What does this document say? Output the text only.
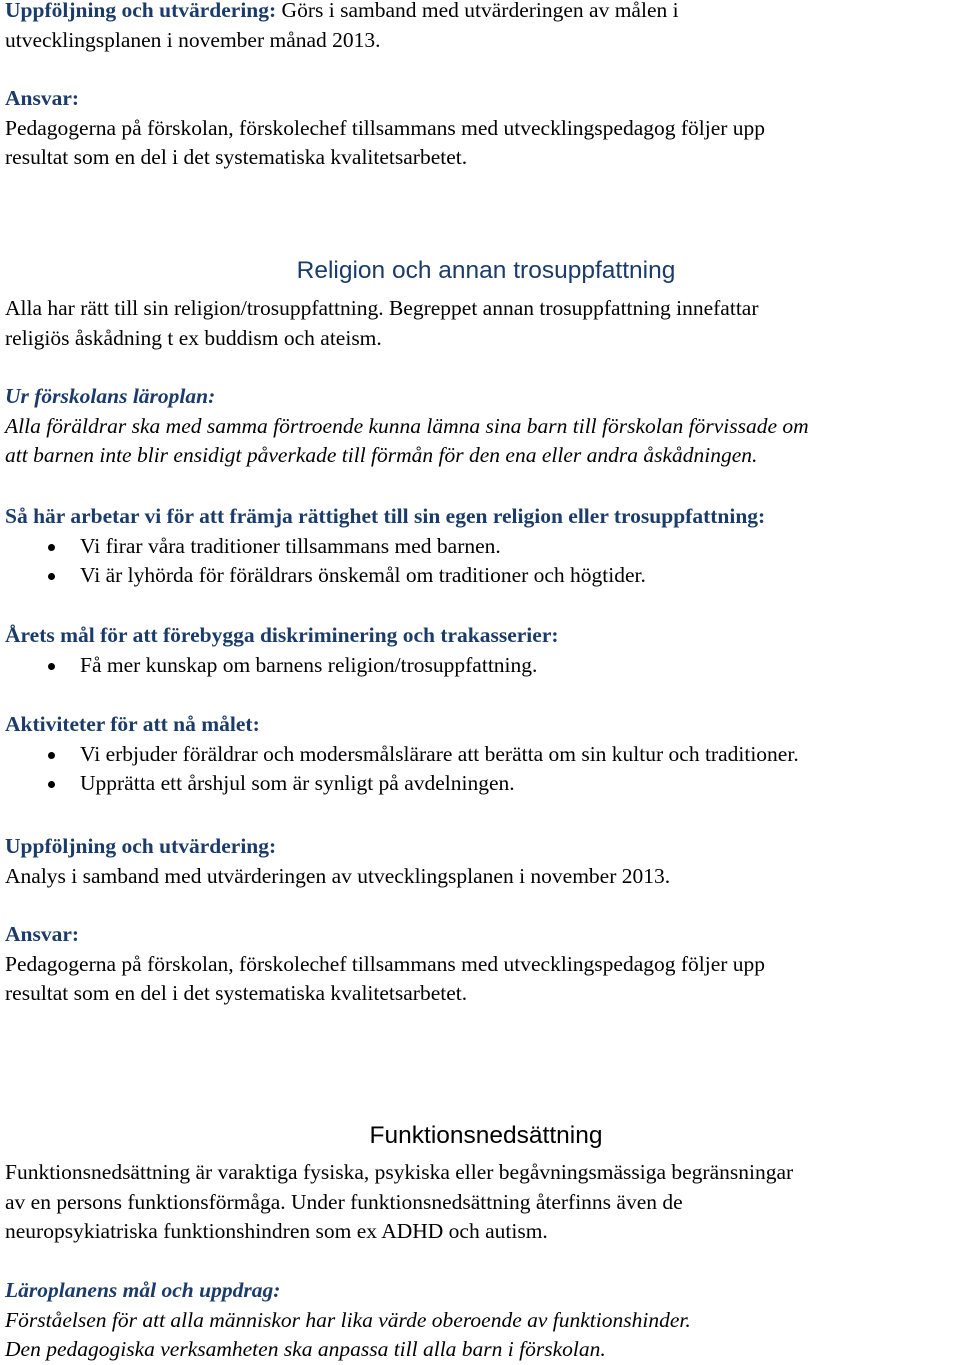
Uppföljning och utvärdering: Görs i samband med utvärderingen av målen i

utvecklingsplanen i november månad 2013.

Ansvar:

Pedagogerna på förskolan, förskolechef tillsammans med utvecklingspedagog följer upp

resultat som en del i det systematiska kvalitetsarbetet.

Religion och annan trosuppfattning

Alla har rätt till sin religion/trosuppfattning. Begreppet annan trosuppfattning innefattar

religiös åskådning t ex buddism och ateism.

Ur förskolans läroplan:

Alla föräldrar ska med samma förtroende kunna lämna sina barn till förskolan förvissade om

att barnen inte blir ensidigt påverkade till förmån för den ena eller andra åskådningen.

Så här arbetar vi för att främja rättighet till sin egen religion eller trosuppfattning:

Vi firar våra traditioner tillsammans med barnen.
Vi är lyhörda för föräldrars önskemål om traditioner och högtider.

Årets mål för att förebygga diskriminering och trakasserier:

Få mer kunskap om barnens religion/trosuppfattning.

Aktiviteter för att nå målet:

Vi erbjuder föräldrar och modersmålslärare att berätta om sin kultur och traditioner.
Upprätta ett årshjul som är synligt på avdelningen.

Uppföljning och utvärdering:

Analys i samband med utvärderingen av utvecklingsplanen i november 2013.

Ansvar:

Pedagogerna på förskolan, förskolechef tillsammans med utvecklingspedagog följer upp

resultat som en del i det systematiska kvalitetsarbetet.

Funktionsnedsättning

Funktionsnedsättning är varaktiga fysiska, psykiska eller begåvningsmässiga begränsningar

av en persons funktionsförmåga. Under funktionsnedsättning återfinns även de

neuropsykiatriska funktionshindren som ex ADHD och autism.

Läroplanens mål och uppdrag:

Förståelsen för att alla människor har lika värde oberoende av funktionshinder.

Den pedagogiska verksamheten ska anpassa till alla barn i förskolan.
